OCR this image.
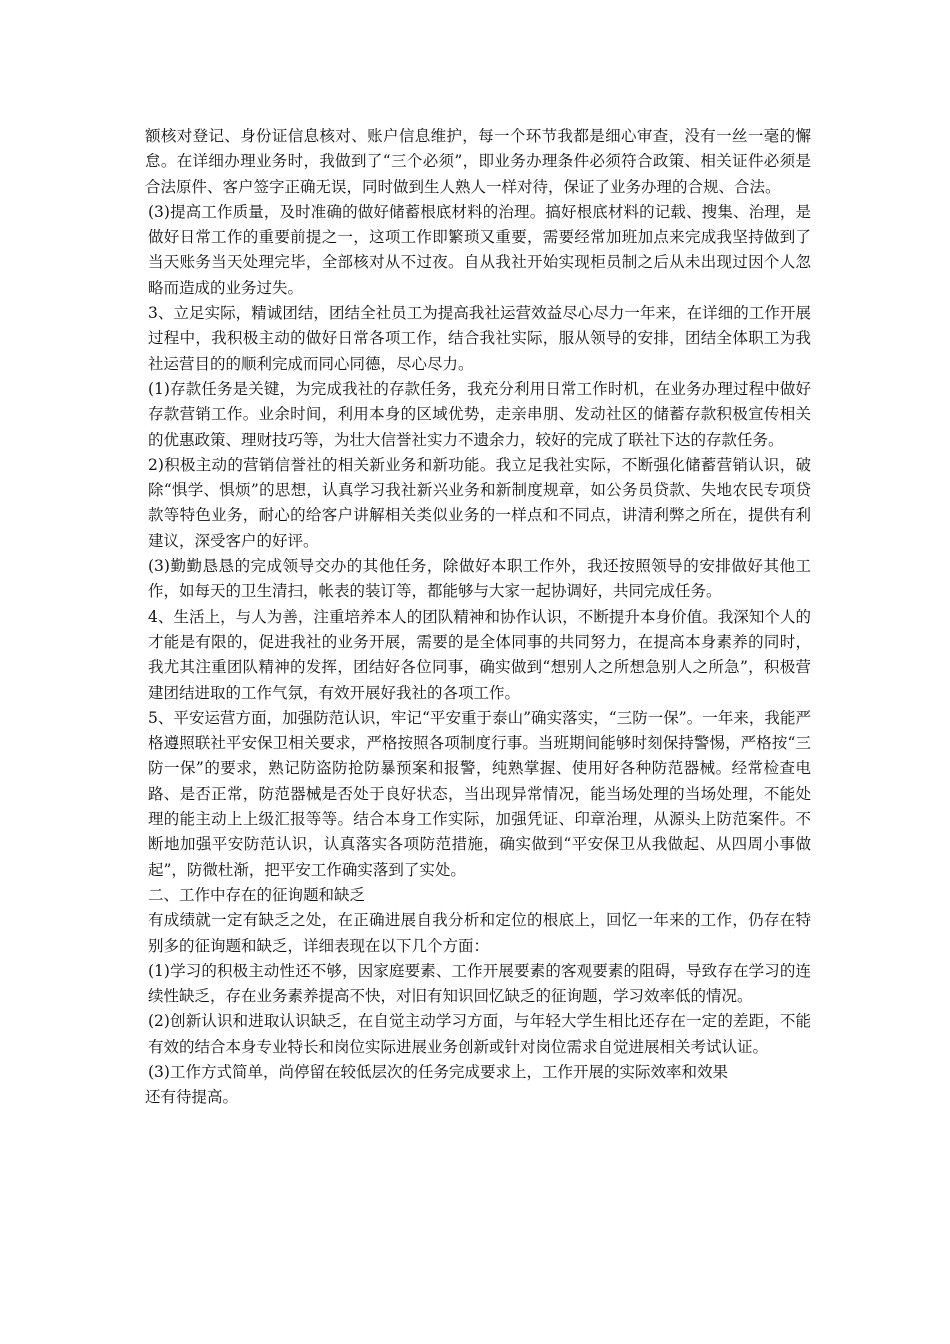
额核对登记、身份证信息核对、账户信息维护，每一个环节我都是细心审查，没有一丝一毫的懈怠。在详细办理业务时，我做到了“三个必须”，即业务办理条件必须符合政策、相关证件必须是合法原件、客户签字正确无误，同时做到生人熟人一样对待，保证了业务办理的合规、合法。

(3)提高工作质量，及时准确的做好储蓄根底材料的治理。搞好根底材料的记载、搜集、治理，是做好日常工作的重要前提之一，这项工作即繁琐又重要，需要经常加班加点来完成我坚持做到了当天账务当天处理完毕，全部核对从不过夜。自从我社开始实现柜员制之后从未出现过因个人忽略而造成的业务过失。

3、立足实际，精诚团结，团结全社员工为提高我社运营效益尽心尽力一年来，在详细的工作开展过程中，我积极主动的做好日常各项工作，结合我社实际，服从领导的安排，团结全体职工为我社运营目的的顺利完成而同心同德，尽心尽力。

(1)存款任务是关键，为完成我社的存款任务，我充分利用日常工作时机，在业务办理过程中做好存款营销工作。业余时间，利用本身的区域优势，走亲串朋、发动社区的储蓄存款积极宣传相关的优惠政策、理财技巧等，为壮大信誉社实力不遗余力，较好的完成了联社下达的存款任务。

2)积极主动的营销信誉社的相关新业务和新功能。我立足我社实际，不断强化储蓄营销认识，破除“惧学、惧烦”的思想，认真学习我社新兴业务和新制度规章，如公务员贷款、失地农民专项贷款等特色业务，耐心的给客户讲解相关类似业务的一样点和不同点，讲清利弊之所在，提供有利建议，深受客户的好评。

(3)勤勤恳恳的完成领导交办的其他任务，除做好本职工作外，我还按照领导的安排做好其他工作，如每天的卫生清扫，帐表的装订等，都能够与大家一起协调好，共同完成任务。

4、生活上，与人为善，注重培养本人的团队精神和协作认识，不断提升本身价值。我深知个人的才能是有限的，促进我社的业务开展，需要的是全体同事的共同努力，在提高本身素养的同时，我尤其注重团队精神的发挥，团结好各位同事，确实做到“想别人之所想急别人之所急”，积极营建团结进取的工作气氛，有效开展好我社的各项工作。

5、平安运营方面，加强防范认识，牢记“平安重于泰山”确实落实，“三防一保”。一年来，我能严格遵照联社平安保卫相关要求，严格按照各项制度行事。当班期间能够时刻保持警惕，严格按“三防一保”的要求，熟记防盗防抢防暴预案和报警，纯熟掌握、使用好各种防范器械。经常检查电路、是否正常，防范器械是否处于良好状态，当出现异常情况，能当场处理的当场处理，不能处理的能主动上上级汇报等等。结合本身工作实际，加强凭证、印章治理，从源头上防范案件。不断地加强平安防范认识，认真落实各项防范措施，确实做到“平安保卫从我做起、从四周小事做起”，防微杜渐，把平安工作确实落到了实处。

二、工作中存在的征询题和缺乏

有成绩就一定有缺乏之处，在正确进展自我分析和定位的根底上，回忆一年来的工作，仍存在特别多的征询题和缺乏，详细表现在以下几个方面：

(1)学习的积极主动性还不够，因家庭要素、工作开展要素的客观要素的阻碍，导致存在学习的连续性缺乏，存在业务素养提高不快，对旧有知识回忆缺乏的征询题，学习效率低的情况。

(2)创新认识和进取认识缺乏，在自觉主动学习方面，与年轻大学生相比还存在一定的差距，不能有效的结合本身专业特长和岗位实际进展业务创新或针对岗位需求自觉进展相关考试认证。

(3)工作方式简单，尚停留在较低层次的任务完成要求上，工作开展的实际效率和效果

还有待提高。
